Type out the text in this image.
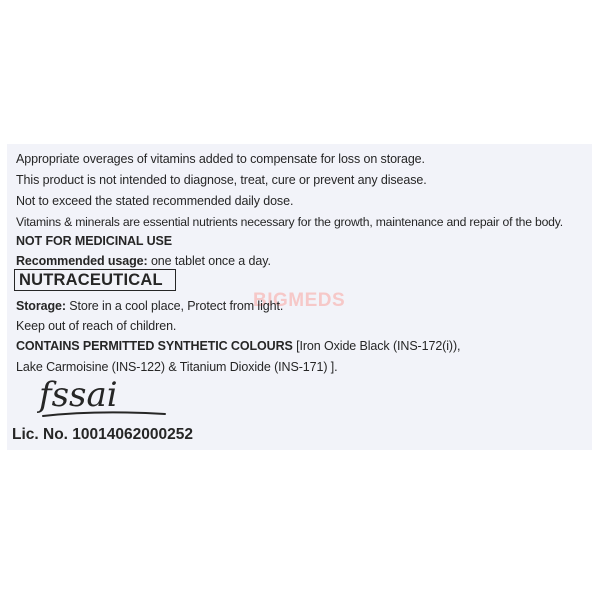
Appropriate overages of vitamins added to compensate for loss on storage.
This product is not intended to diagnose, treat, cure or prevent any disease.
Not to exceed the stated recommended daily dose.
Vitamins & minerals are essential nutrients necessary for the growth, maintenance and repair of the body.
NOT FOR MEDICINAL USE
Recommended usage: one tablet once a day.
NUTRACEUTICAL
BIGMEDS
Storage: Store in a cool place, Protect from light.
Keep out of reach of children.
CONTAINS PERMITTED SYNTHETIC COLOURS [Iron Oxide Black (INS-172(i)),
Lake Carmoisine (INS-122) & Titanium Dioxide (INS-171) ].
fssai
Lic. No. 10014062000252
